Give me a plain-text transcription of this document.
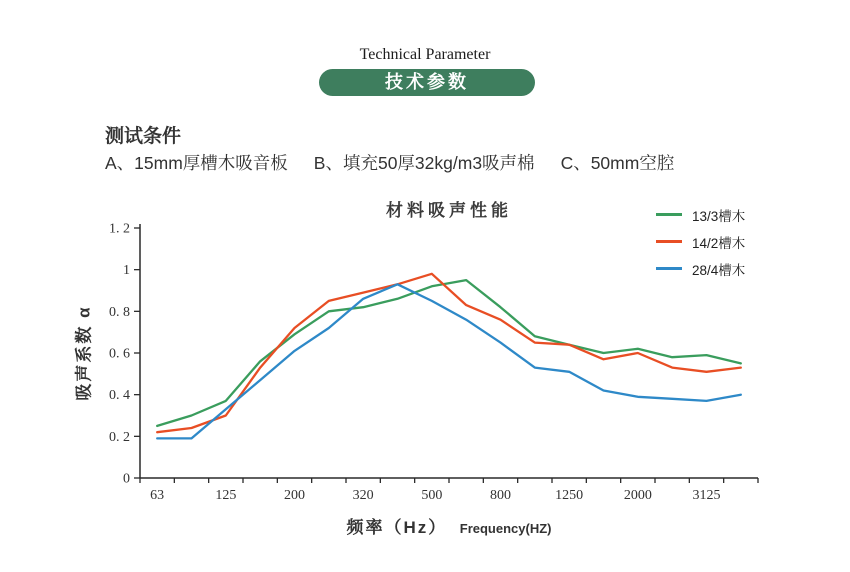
Technical Parameter
技术参数
测试条件
A、15mm厚槽木吸音板 B、填充50厚32kg/m3吸声棉 C、50mm空腔
材料吸声性能	13/3槽木
14/2槽木
28/4槽木
吸声系数 α
频率（Hz） Frequency(HZ)
0
0. 2
0. 4
0. 6
0. 8
1
1. 2
63	125	200	320	500	800	1250	2000	3125
